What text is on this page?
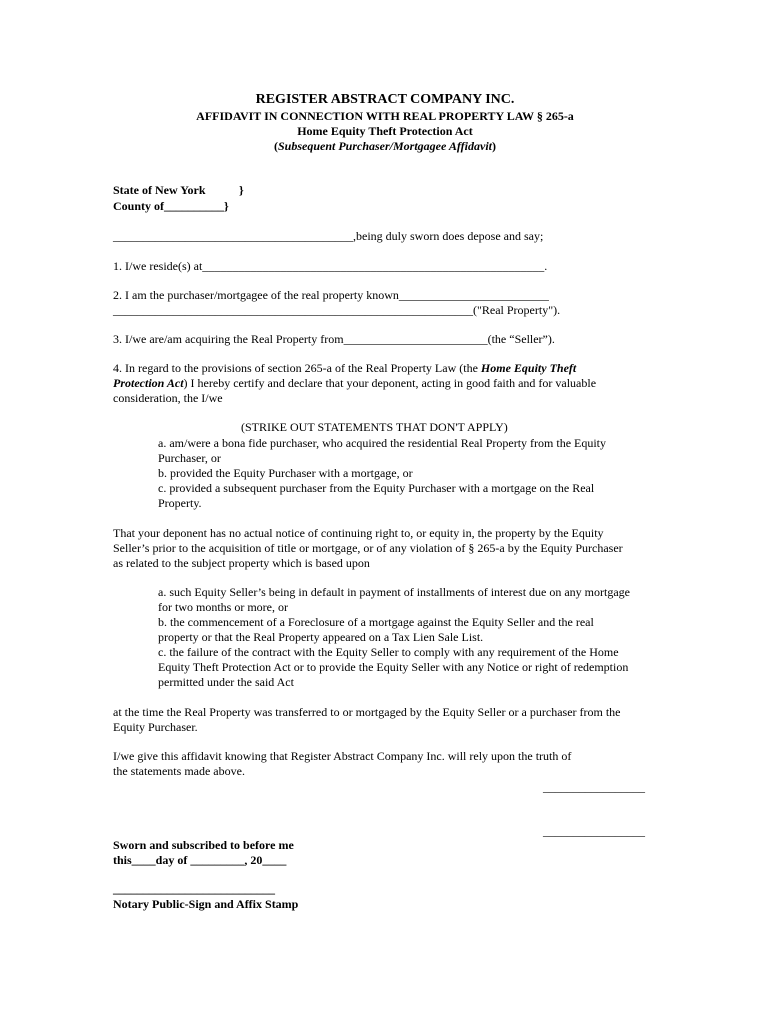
REGISTER ABSTRACT COMPANY INC.
AFFIDAVIT IN CONNECTION WITH REAL PROPERTY LAW § 265-a
Home Equity Theft Protection Act
(Subsequent Purchaser/Mortgagee Affidavit)
State of New York	}
County of__________}
________________________________________,being duly sworn does depose and say;
1. I/we reside(s) at_________________________________________________________.
2. I am the purchaser/mortgagee of the real property known_________________________
____________________________________________________________("Real Property").
3. I/we are/am acquiring the Real Property from________________________(the “Seller”).
4. In regard to the provisions of section 265-a of the Real Property Law (the Home Equity Theft
Protection Act) I hereby certify and declare that your deponent, acting in good faith and for valuable
consideration, the I/we
(STRIKE OUT STATEMENTS THAT DON'T APPLY)
a. am/were a bona fide purchaser, who acquired the residential Real Property from the Equity
Purchaser, or
b. provided the Equity Purchaser with a mortgage, or
c. provided a subsequent purchaser from the Equity Purchaser with a mortgage on the Real
Property.
That your deponent has no actual notice of continuing right to, or equity in, the property by the Equity
Seller’s prior to the acquisition of title or mortgage, or of any violation of § 265-a by the Equity Purchaser
as related to the subject property which is based upon
a. such Equity Seller’s being in default in payment of installments of interest due on any mortgage
for two months or more, or
b. the commencement of a Foreclosure of a mortgage against the Equity Seller and the real
property or that the Real Property appeared on a Tax Lien Sale List.
c. the failure of the contract with the Equity Seller to comply with any requirement of the Home
Equity Theft Protection Act or to provide the Equity Seller with any Notice or right of redemption
permitted under the said Act
at the time the Real Property was transferred to or mortgaged by the Equity Seller or a purchaser from the
Equity Purchaser.
I/we give this affidavit knowing that Register Abstract Company Inc. will rely upon the truth of
the statements made above.
_________________
_________________
Sworn and subscribed to before me
this____day of _________, 20____
___________________________
Notary Public-Sign and Affix Stamp
